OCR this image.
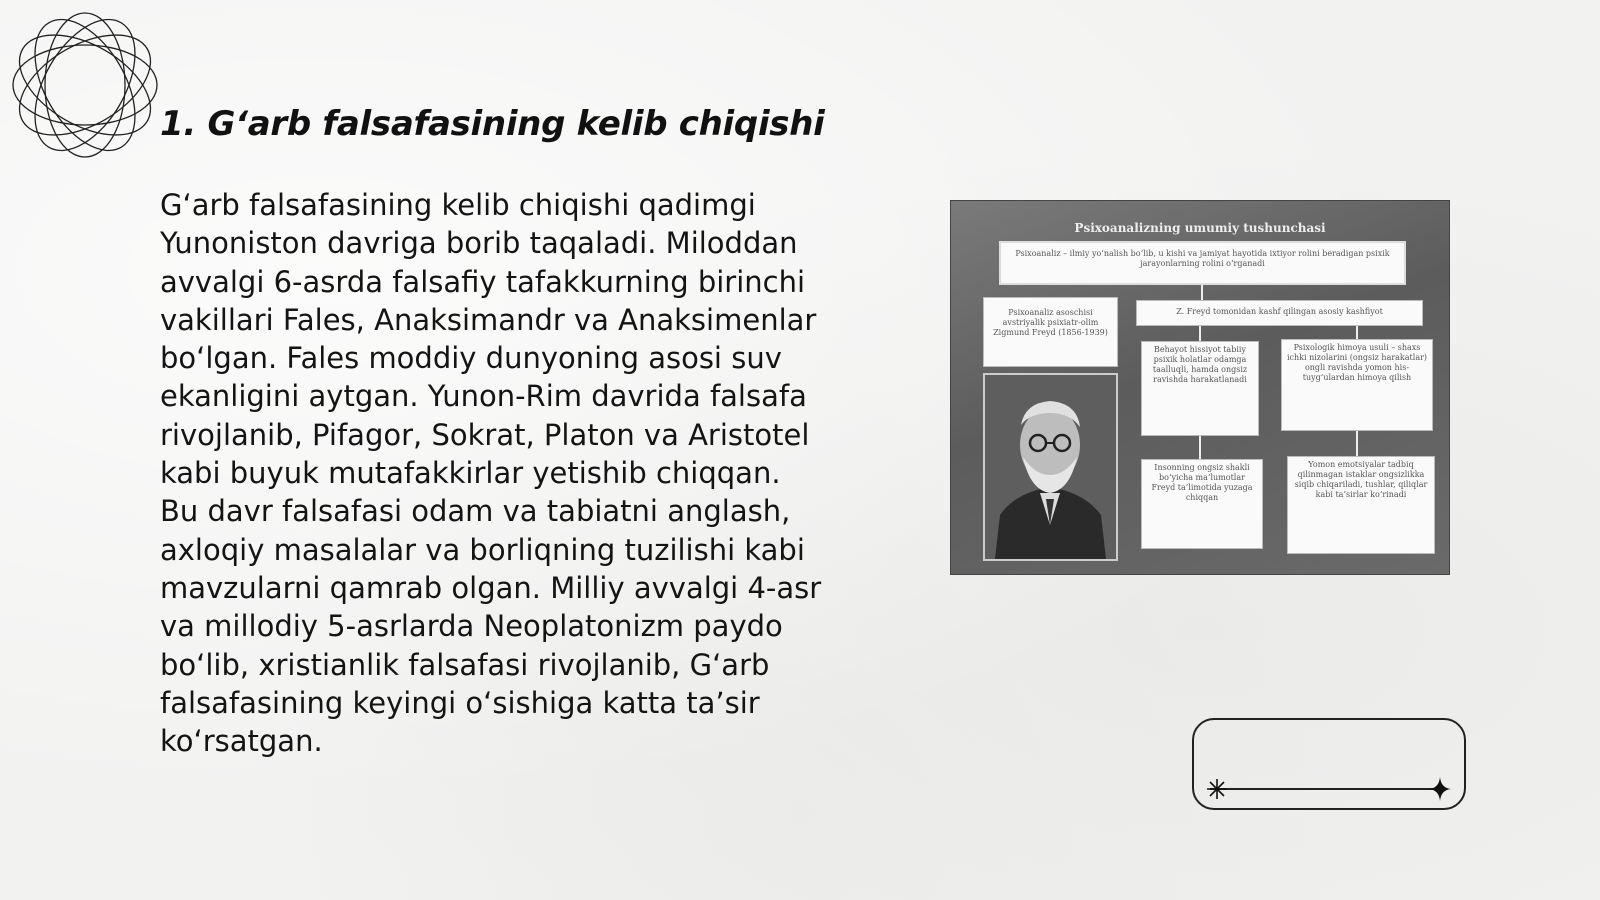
1. G‘arb falsafasining kelib chiqishi
G‘arb falsafasining kelib chiqishi qadimgi
Yunoniston davriga borib taqaladi. Miloddan
avvalgi 6-asrda falsafiy tafakkurning birinchi
vakillari Fales, Anaksimandr va Anaksimenlar
bo‘lgan. Fales moddiy dunyoning asosi suv
ekanligini aytgan. Yunon-Rim davrida falsafa
rivojlanib, Pifagor, Sokrat, Platon va Aristotel
kabi buyuk mutafakkirlar yetishib chiqqan.
Bu davr falsafasi odam va tabiatni anglash,
axloqiy masalalar va borliqning tuzilishi kabi
mavzularni qamrab olgan. Milliy avvalgi 4-asr
va millodiy 5-asrlarda Neoplatonizm paydo
bo‘lib, xristianlik falsafasi rivojlanib, G‘arb
falsafasining keyingi o‘sishiga katta ta’sir
ko‘rsatgan.
Psixoanalizning umumiy tushunchasi
Psixoanaliz – ilmiy yo‘nalish bo‘lib, u kishi va jamiyat hayotida ixtiyor rolini beradigan psixik jarayonlarning rolini o‘rganadi
Psixoanaliz asoschisi avstriyalik psixiatr-olim Zigmund Freyd (1856-1939)
Z. Freyd tomonidan kashf qilingan asosiy kashfiyot
Behayot hissiyot tabiiy psixik holatlar odamga taalluqli, hamda ongsiz ravishda harakatlanadi
Psixologik himoya usuli – shaxs ichki nizolarini (ongsiz harakatlar) ongli ravishda yomon his-tuyg‘ulardan himoya qilish
Insonning ongsiz shakli bo‘yicha ma’lumotlar Freyd ta’limotida yuzaga chiqqan
Yomon emotsiyalar tadbiq qilinmagan istaklar ongsizlikka siqib chiqariladi, tushlar, qiliqlar kabi ta’sirlar ko‘rinadi
